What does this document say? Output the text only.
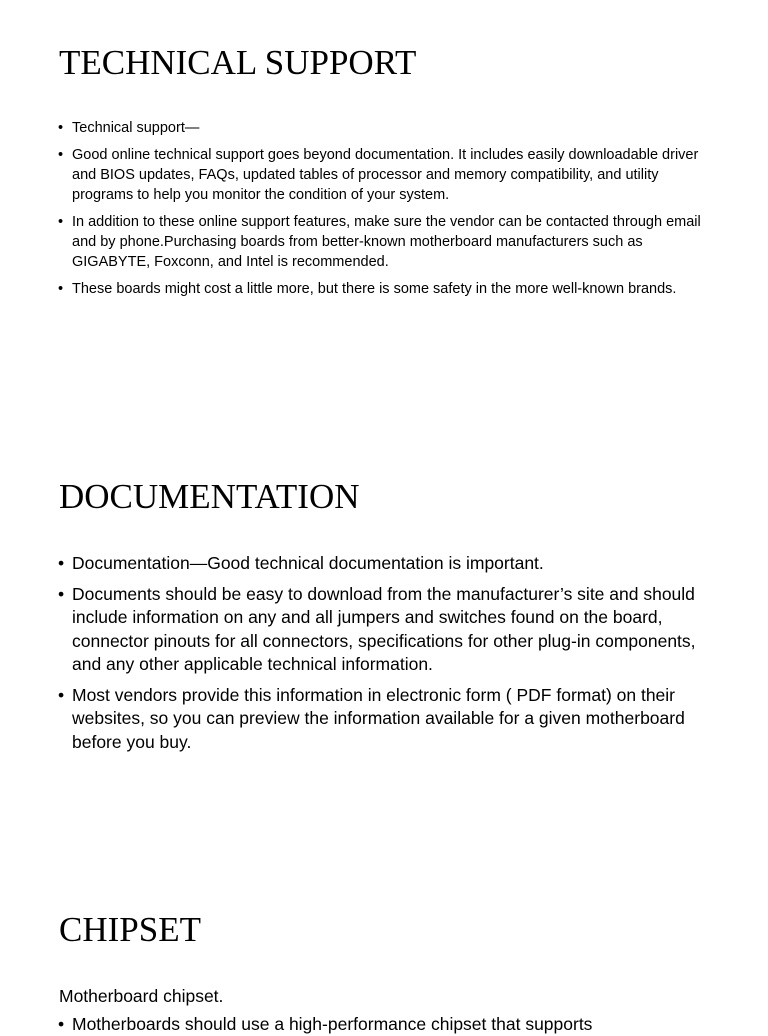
TECHNICAL SUPPORT
• Technical support—
• Good online technical support goes beyond documentation. It includes easily downloadable driver and BIOS updates, FAQs, updated tables of processor and memory compatibility, and utility programs to help you monitor the condition of your system.
• In addition to these online support features, make sure the vendor can be contacted through email and by phone.Purchasing boards from better-known motherboard manufacturers such as GIGABYTE, Foxconn, and Intel is recommended.
• These boards might cost a little more, but there is some safety in the more well-known brands.
DOCUMENTATION
• Documentation—Good technical documentation is important.
• Documents should be easy to download from the manufacturer’s site and should include information on any and all jumpers and switches found on the board, connector pinouts for all connectors, specifications for other plug-in components, and any other applicable technical information.
• Most vendors provide this information in electronic form ( PDF format) on their websites, so you can preview the information available for a given motherboard before you buy.
CHIPSET

Motherboard chipset.

• Motherboards should use a high-performance chipset that supports
